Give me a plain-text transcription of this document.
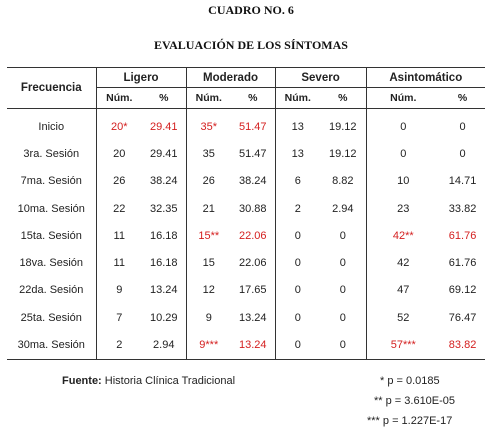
CUADRO NO. 6
EVALUACIÓN DE LOS SÍNTOMAS
Frecuencia	Ligero		Moderado		Severo		Asintomático	
	Núm.	%	Núm.	%	Núm.	%	Núm.	%
Inicio	20*	29.41	35*	51.47	13	19.12	0	0
3ra. Sesión	20	29.41	35	51.47	13	19.12	0	0
7ma. Sesión	26	38.24	26	38.24	6	8.82	10	14.71
10ma. Sesión	22	32.35	21	30.88	2	2.94	23	33.82
15ta. Sesión	11	16.18	15**	22.06	0	0	42**	61.76
18va. Sesión	11	16.18	15	22.06	0	0	42	61.76
22da. Sesión	9	13.24	12	17.65	0	0	47	69.12
25ta. Sesión	7	10.29	9	13.24	0	0	52	76.47
30ma. Sesión	2	2.94	9***	13.24	0	0	57***	83.82
Fuente: Historia Clínica Tradicional	* p = 0.0185
** p = 3.610E-05
*** p = 1.227E-17
